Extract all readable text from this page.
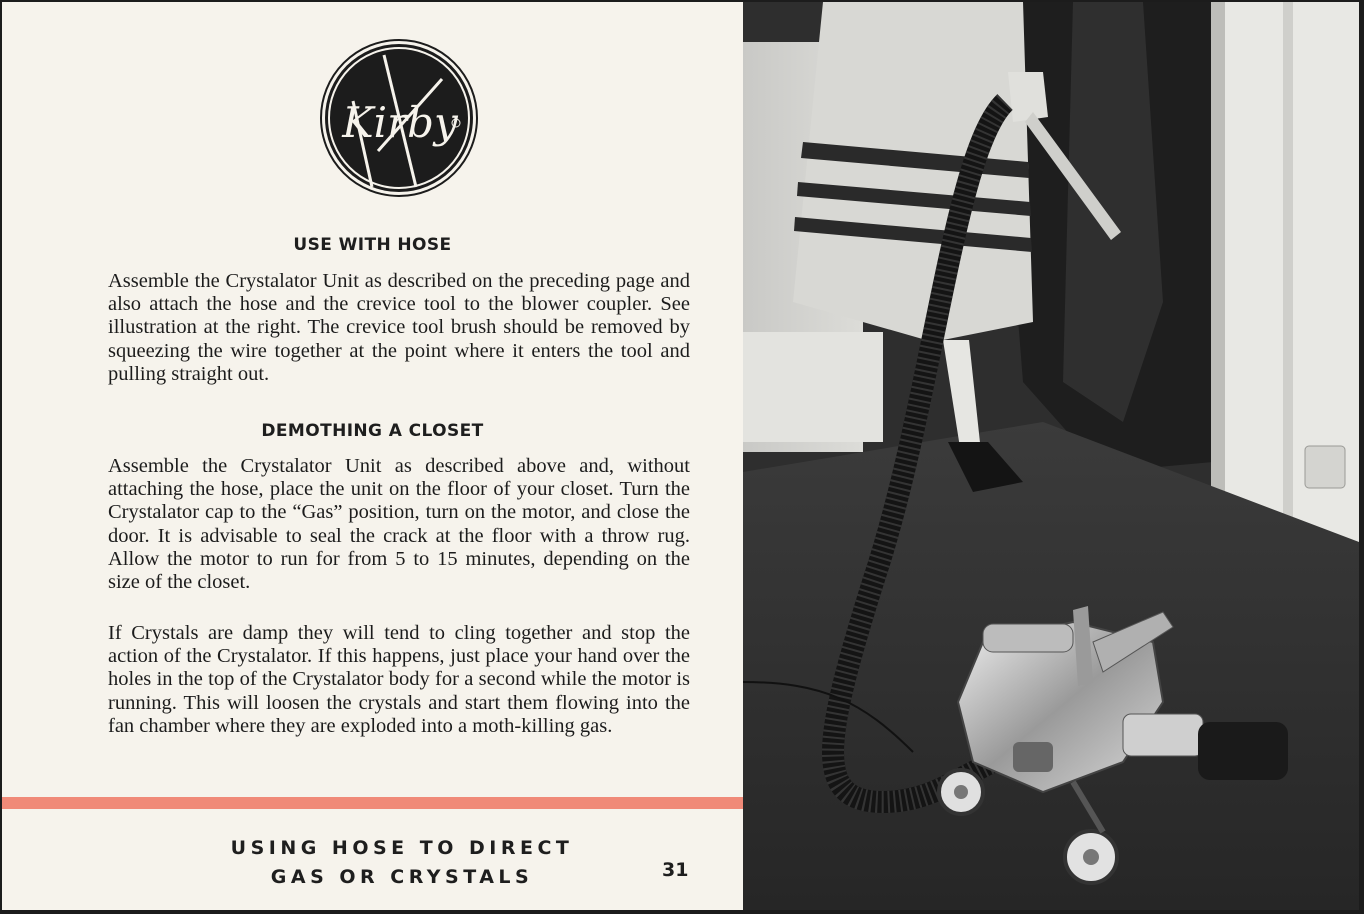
Kirby
USE WITH HOSE

Assemble the Crystalator Unit as described on the preceding page and also attach the hose and the crevice tool to the blower coupler. See illustration at the right. The crevice tool brush should be removed by squeezing the wire together at the point where it enters the tool and pulling straight out.

DEMOTHING A CLOSET

Assemble the Crystalator Unit as described above and, without attaching the hose, place the unit on the floor of your closet. Turn the Crystalator cap to the “Gas” position, turn on the motor, and close the door. It is advisable to seal the crack at the floor with a throw rug. Allow the motor to run for from 5 to 15 minutes, depending on the size of the closet.

If Crystals are damp they will tend to cling together and stop the action of the Crystalator. If this happens, just place your hand over the holes in the top of the Crystalator body for a second while the motor is running. This will loosen the crystals and start them flowing into the fan chamber where they are exploded into a moth-killing gas.

USING HOSE TO DIRECT
GAS OR CRYSTALS	31
